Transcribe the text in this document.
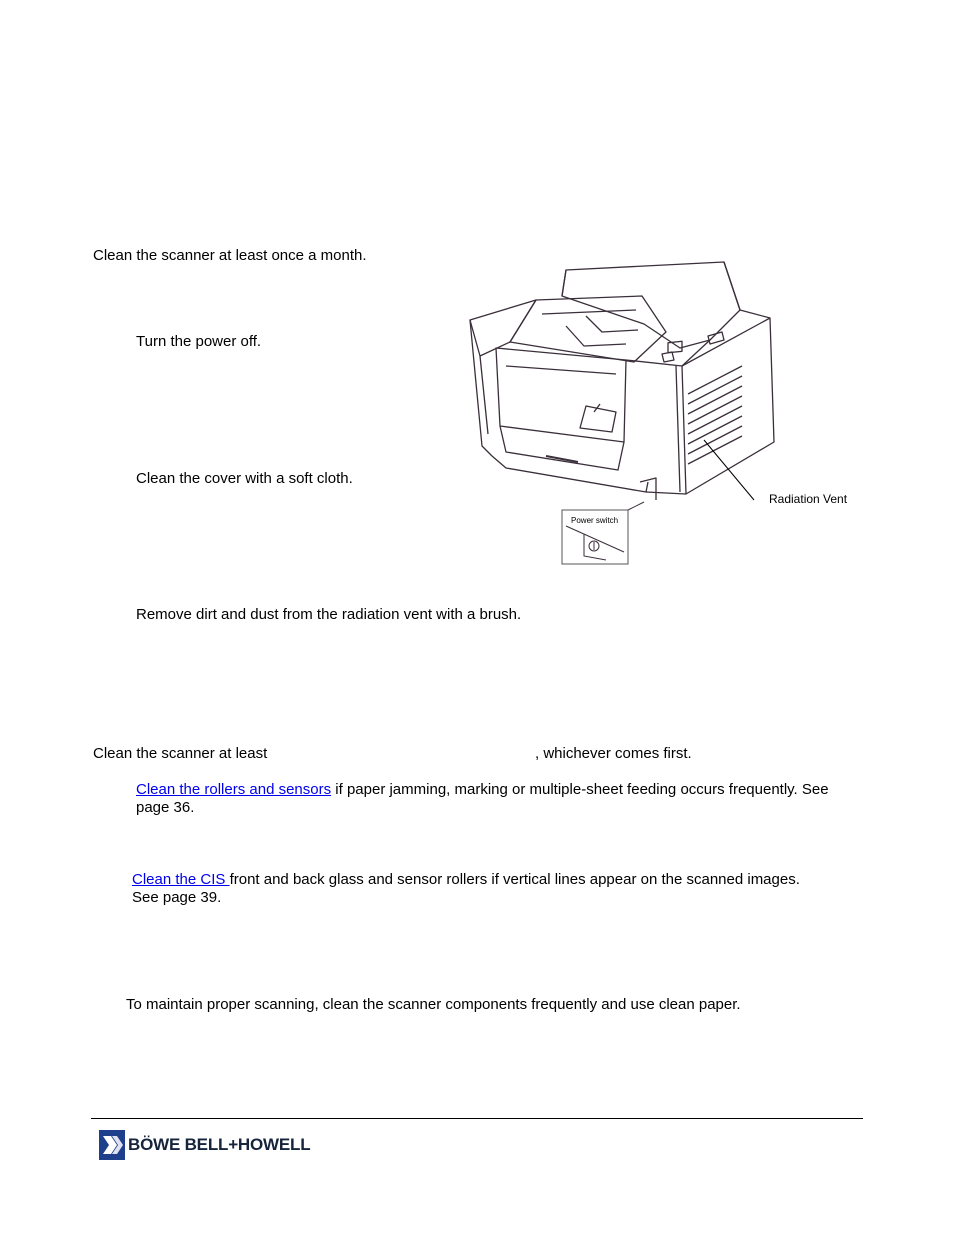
Clean the scanner at least once a month.
Turn the power off.
Clean the cover with a soft cloth.
Remove dirt and dust from the radiation vent with a brush.
Power switch
Radiation Vent
Clean the scanner at least	, whichever comes first.
Clean the rollers and sensors if paper jamming, marking or multiple-sheet feeding occurs frequently. See
page 36.
Clean the CIS front and back glass and sensor rollers if vertical lines appear on the scanned images.
See page 39.
To maintain proper scanning, clean the scanner components frequently and use clean paper.
BÖWE BELL+HOWELL
